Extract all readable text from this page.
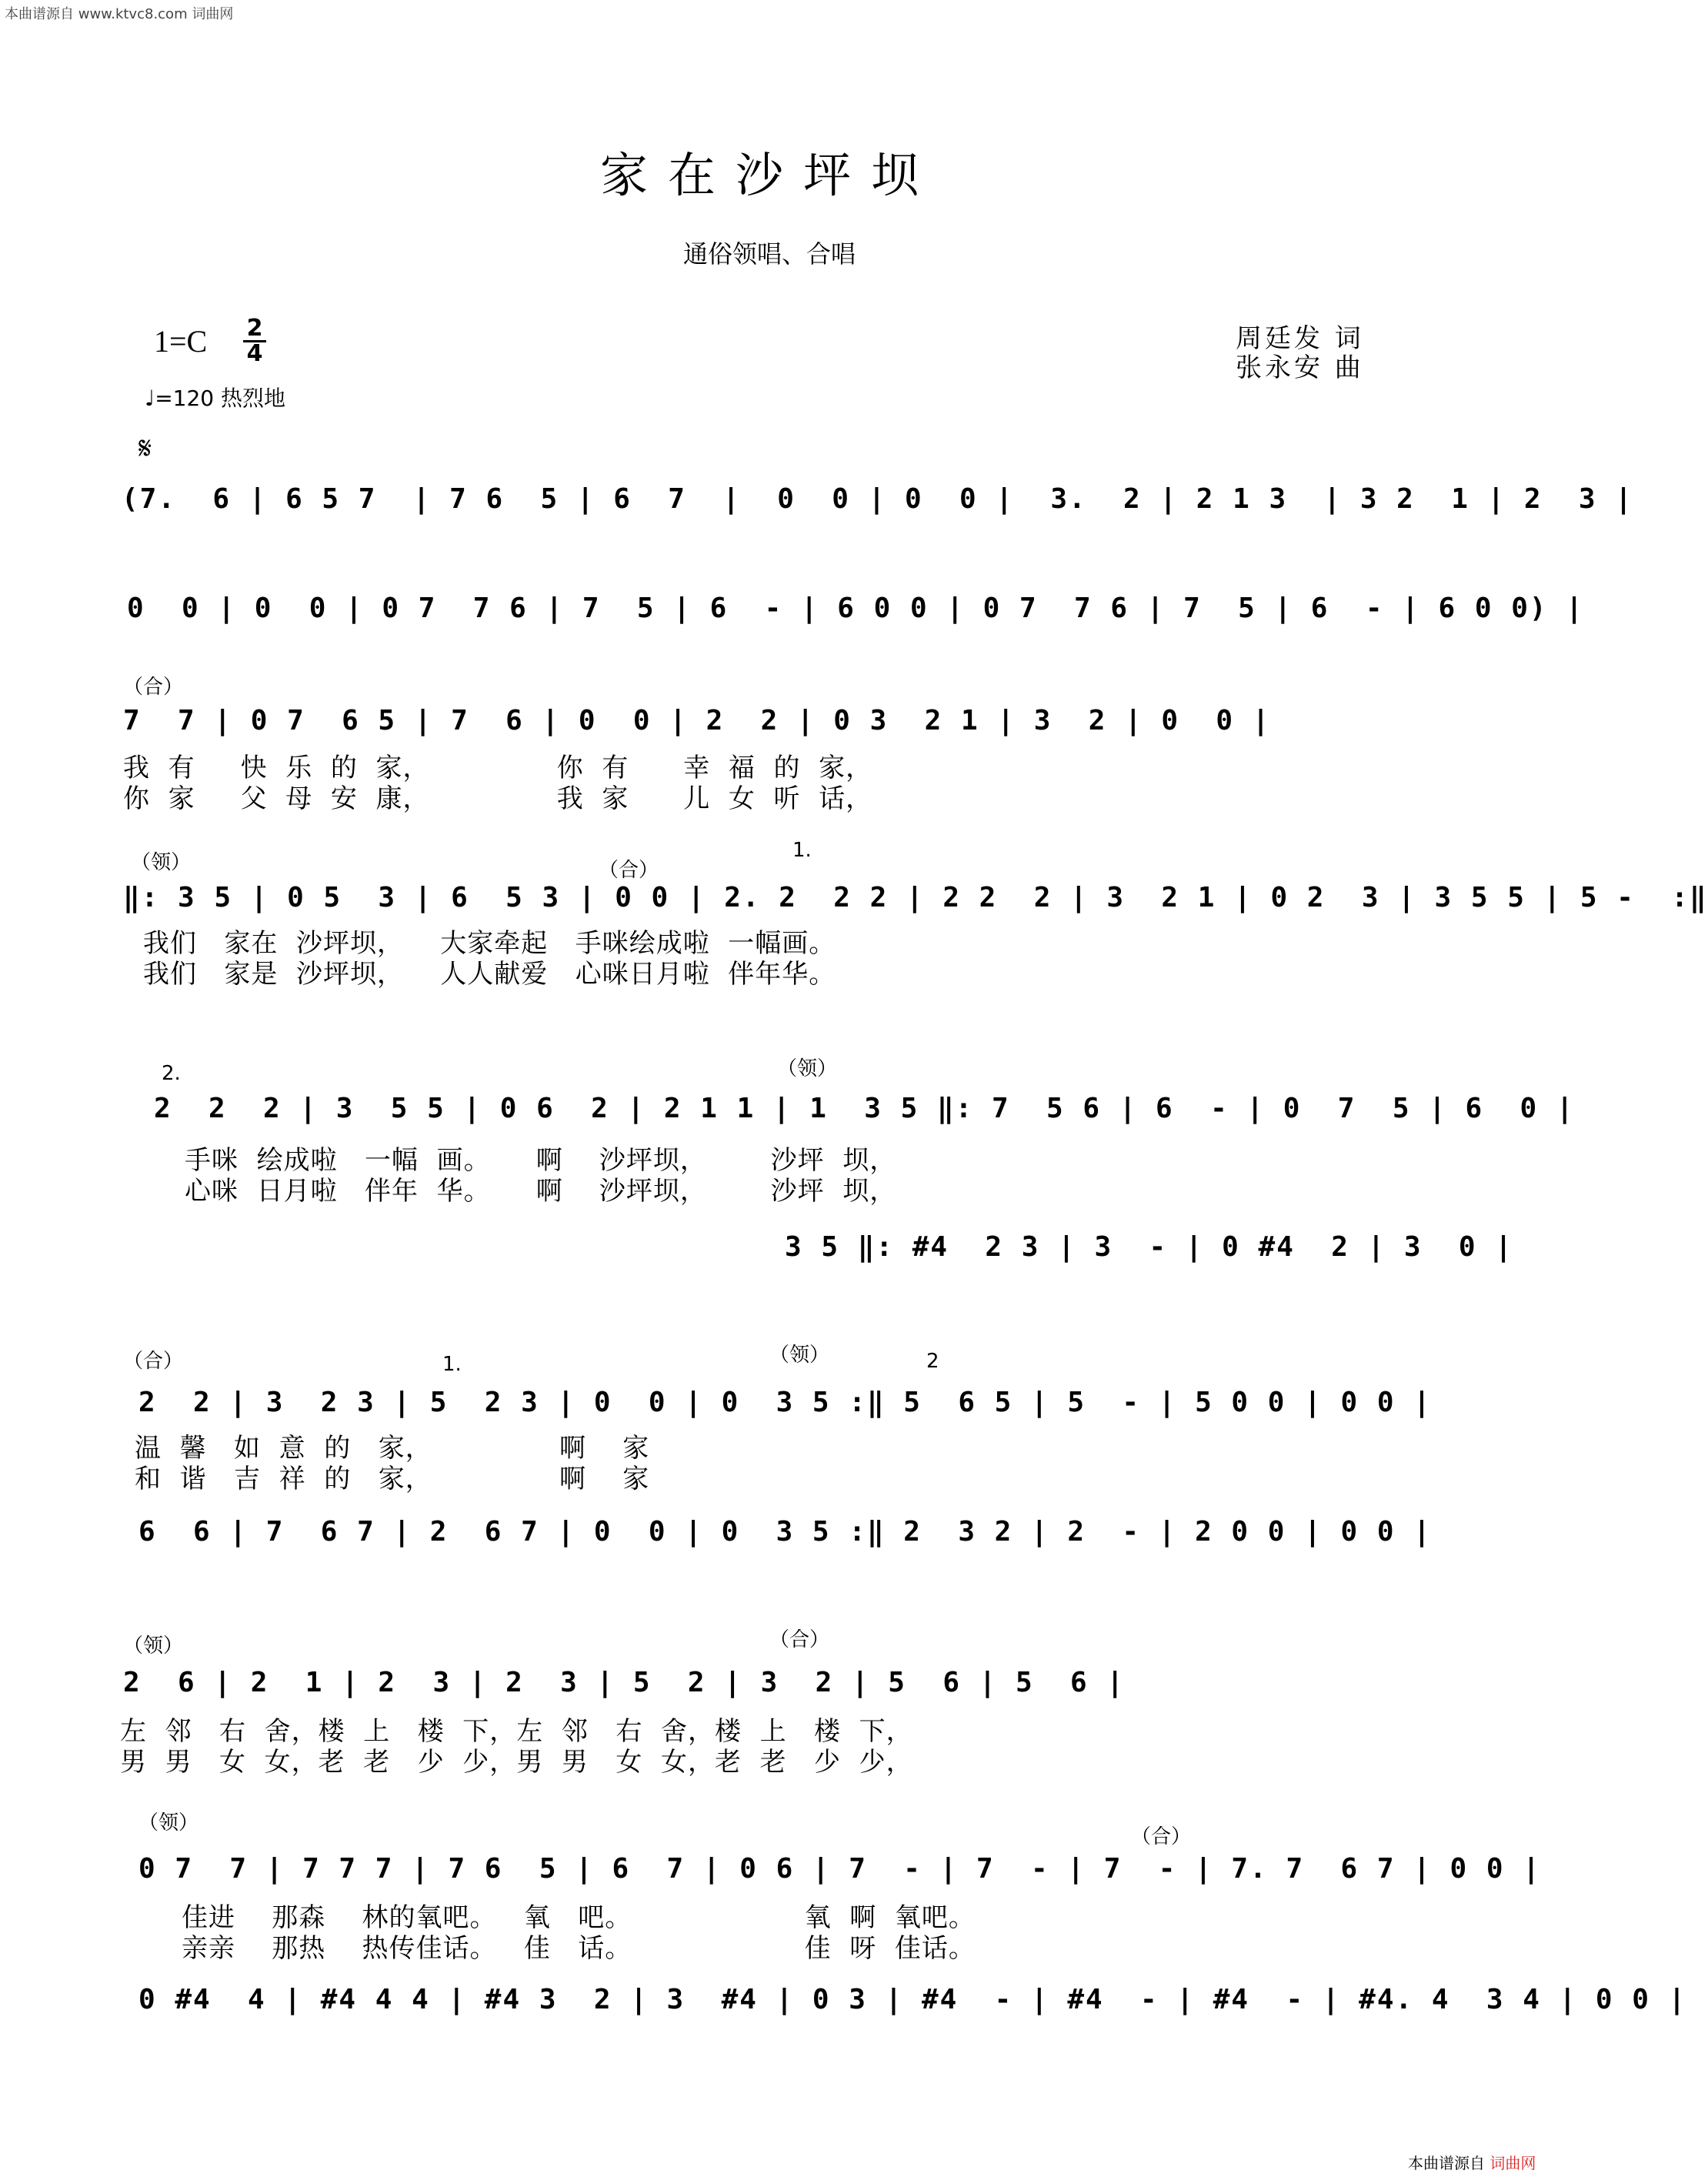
本曲谱源自 www.ktvc8.com 词曲网
家在沙坪坝
通俗领唱、合唱
1=C 2
4
♩=120 热烈地
周廷发 词
张永安 曲
𝄋
(7.  6 | 6 5 7  | 7 6  5 | 6  7  |  0  0 | 0  0 |  3.  2 | 2 1 3  | 3 2  1 | 2  3 |
0  0 | 0  0 | 0 7  7 6 | 7  5 | 6  - | 6 0 0 | 0 7  7 6 | 7  5 | 6  - | 6 0 0) |
（合）
7  7 | 0 7  6 5 | 7  6 | 0  0 | 2  2 | 0 3  2 1 | 3  2 | 0  0 |
我  有     快  乐  的  家，              你  有      幸  福  的  家，
你  家     父  母  安  康，              我  家      儿  女  听  话，
（领）	（合）
1.
‖: 3 5 | 0 5  3 | 6  5 3 | 0 0 | 2. 2  2 2 | 2 2  2 | 3  2 1 | 0 2  3 | 3 5 5 | 5 -  :‖
我们   家在  沙坪坝，    大家牵起   手咪绘成啦  一幅画。
我们   家是  沙坪坝，    人人献爱   心咪日月啦  伴年华。
2.	（领）
2  2  2 | 3  5 5 | 0 6  2 | 2 1 1 | 1  3 5 ‖: 7  5 6 | 6  - | 0  7  5 | 6  0 |
手咪  绘成啦   一幅  画。     啊    沙坪坝，       沙坪  坝，
心咪  日月啦   伴年  华。     啊    沙坪坝，       沙坪  坝，
3 5 ‖: #4  2 3 | 3  - | 0 #4  2 | 3  0 |
（合）	（领）
1.	2
2  2 | 3  2 3 | 5  2 3 | 0  0 | 0  3 5 :‖ 5  6 5 | 5  - | 5 0 0 | 0 0 |
温  馨   如  意  的   家，              啊    家
和  谐   吉  祥  的   家，              啊    家
6  6 | 7  6 7 | 2  6 7 | 0  0 | 0  3 5 :‖ 2  3 2 | 2  - | 2 0 0 | 0 0 |
（领）	（合）
2  6 | 2  1 | 2  3 | 2  3 | 5  2 | 3  2 | 5  6 | 5  6 |
左  邻   右  舍，楼  上   楼  下，左  邻   右  舍，楼  上   楼  下，
男  男   女  女，老  老   少  少，男  男   女  女，老  老   少  少，
（领）
（合）
0 7  7 | 7 7 7 | 7 6  5 | 6  7 | 0 6 | 7  - | 7  - | 7  - | 7. 7  6 7 | 0 0 |
佳进    那森    林的氧吧。   氧   吧。                   氧  啊  氧吧。
亲亲    那热    热传佳话。   佳   话。                   佳  呀  佳话。
0 #4  4 | #4 4 4 | #4 3  2 | 3  #4 | 0 3 | #4  - | #4  - | #4  - | #4. 4  3 4 | 0 0 |
本曲谱源自 词曲网
